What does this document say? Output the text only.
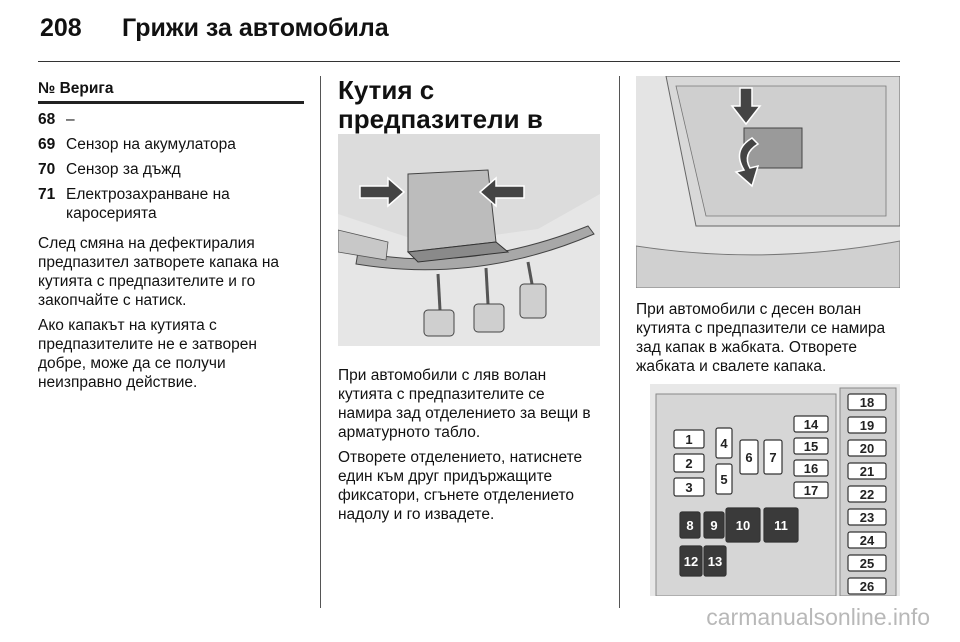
208 Грижи за автомобила
№ Верига
68 –
69 Сензор на акумулатора
70 Сензор за дъжд
71 Електрозахранване на каросерията

След смяна на дефектиралия предпазител затворете капака на кутията с предпазителите и го закопчайте с натиск.

Ако капакът на кутията с предпазителите не е затворен добре, може да се получи неизправно действие.

Кутия с предпазители в

При автомобили с ляв волан кутията с предпазителите се намира зад отделението за вещи в арматурното табло.

Отворете отделението, натиснете един към друг придържащите фиксатори, сгънете отделението надолу и го извадете.

При автомобили с десен волан кутията с предпазители се намира зад капак в жабката. Отворете жабката и свалете капака.

1
2
3
4
5
6 7
8 9 10 11
12 13
14
15
16
17
18
19
20
21
22
23
24
25
26
carmanualsonline.info
